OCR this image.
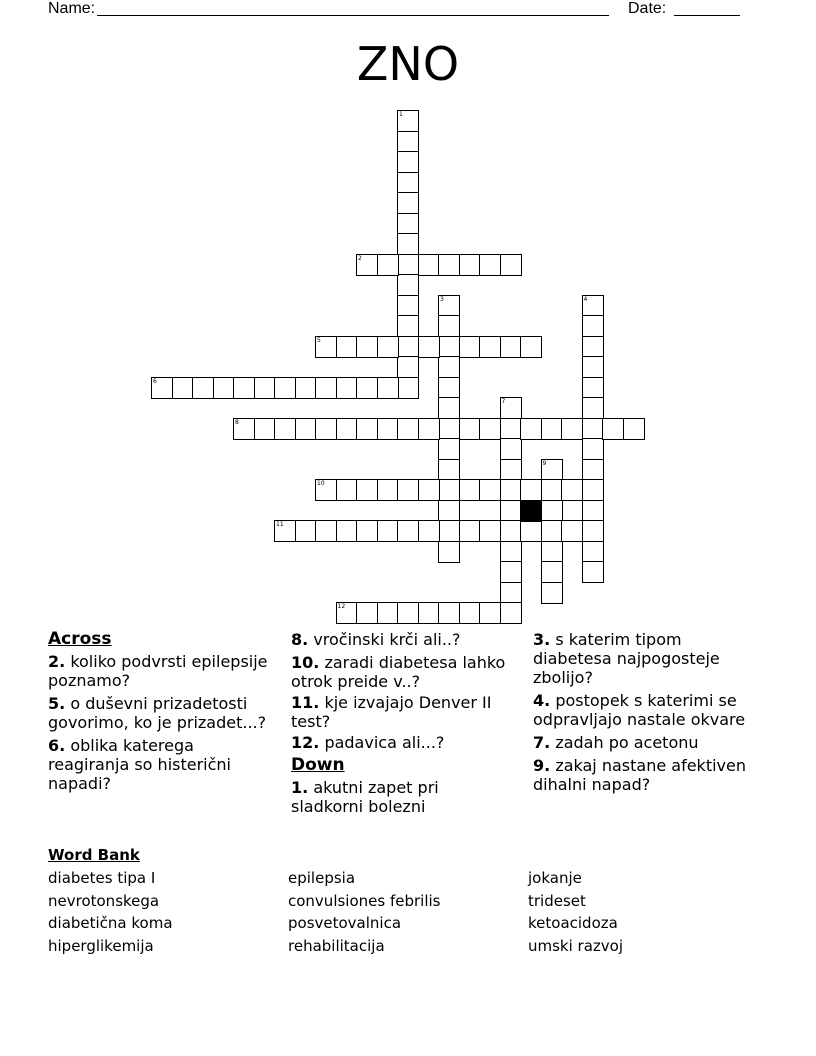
Name:	Date:
ZNO
1
2
3	4
5
6
7
8
9
10
11
12
Across
2. koliko podvrsti epilepsije poznamo?
5. o duševni prizadetosti govorimo, ko je prizadet...?
6. oblika katerega reagiranja so histerični napadi?
8. vročinski krči ali..?
10. zaradi diabetesa lahko otrok preide v..?
11. kje izvajajo Denver II test?
12. padavica ali...?
Down
1. akutni zapet pri sladkorni bolezni
3. s katerim tipom diabetesa najpogosteje zbolijo?
4. postopek s katerimi se odpravljajo nastale okvare
7. zadah po acetonu
9. zakaj nastane afektiven dihalni napad?
Word Bank
diabetes tipa I
nevrotonskega
diabetična koma
hiperglikemija
epilepsia
convulsiones febrilis
posvetovalnica
rehabilitacija
jokanje
trideset
ketoacidoza
umski razvoj
